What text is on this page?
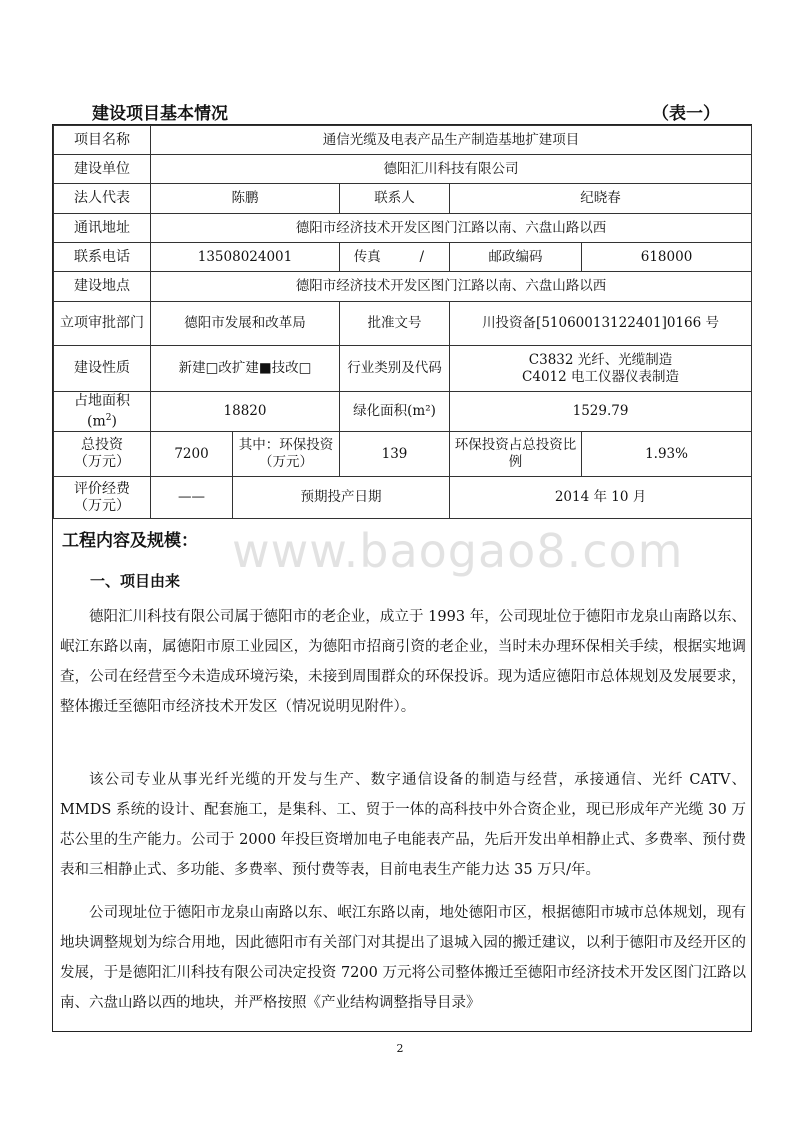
建设项目基本情况	（表一）
项目名称	通信光缆及电表产品生产制造基地扩建项目				
建设单位	德阳汇川科技有限公司				
法人代表	陈鹏		联系人	纪晓春	
通讯地址	德阳市经济技术开发区图门江路以南、六盘山路以西				
联系电话	13508024001		传真 /	邮政编码	618000
建设地点	德阳市经济技术开发区图门江路以南、六盘山路以西				
立项审批部门	德阳市发展和改革局		批准文号	川投资备[51060013122401]0166 号	
建设性质	新建□改扩建■技改□		行业类别及代码	C3832 光纤、光缆制造
C4012 电工仪器仪表制造	

占地面积
$(m^2)$	18820		绿化面积(m²)	1529.79	

总投资
（万元）	7200	其中：环保投资（万元）	139	环保投资占总投资比例	1.93%

评价经费
（万元）	——	预期投产日期		2014 年 10 月	
www.baogao8.com
工程内容及规模：
一、项目由来

德阳汇川科技有限公司属于德阳市的老企业，成立于 1993 年，公司现址位于德阳市龙泉山南路以东、岷江东路以南，属德阳市原工业园区，为德阳市招商引资的老企业，当时未办理环保相关手续，根据实地调查，公司在经营至今未造成环境污染，未接到周围群众的环保投诉。现为适应德阳市总体规划及发展要求，整体搬迁至德阳市经济技术开发区（情况说明见附件）。

该公司专业从事光纤光缆的开发与生产、数字通信设备的制造与经营，承接通信、光纤 CATV、MMDS 系统的设计、配套施工，是集科、工、贸于一体的高科技中外合资企业，现已形成年产光缆 30 万芯公里的生产能力。公司于 2000 年投巨资增加电子电能表产品，先后开发出单相静止式、多费率、预付费表和三相静止式、多功能、多费率、预付费等表，目前电表生产能力达 35 万只/年。

公司现址位于德阳市龙泉山南路以东、岷江东路以南，地处德阳市区，根据德阳市城市总体规划，现有地块调整规划为综合用地，因此德阳市有关部门对其提出了退城入园的搬迁建议，以利于德阳市及经开区的发展，于是德阳汇川科技有限公司决定投资 7200 万元将公司整体搬迁至德阳市经济技术开发区图门江路以南、六盘山路以西的地块，并严格按照《产业结构调整指导目录》

2
